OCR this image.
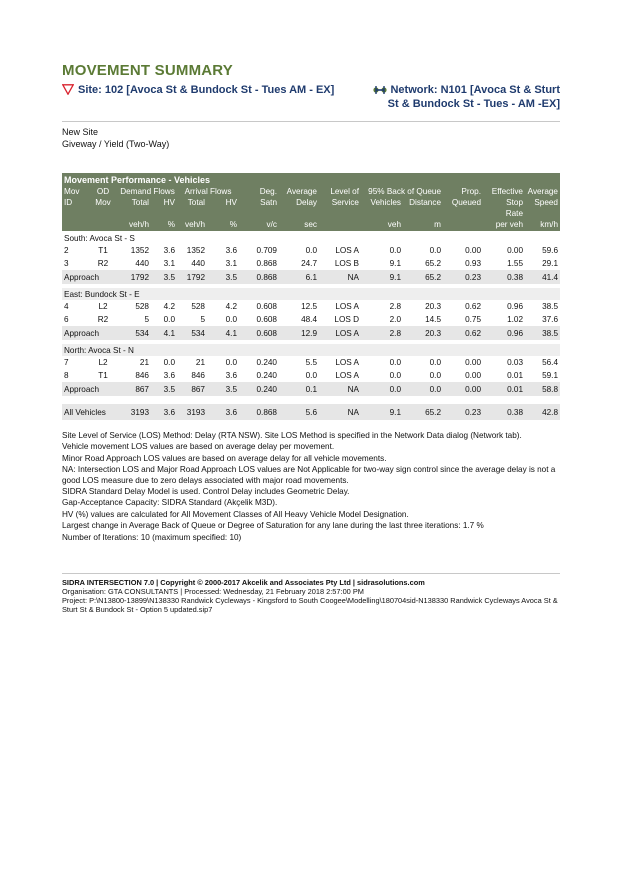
MOVEMENT SUMMARY
Site: 102 [Avoca St & Bundock St - Tues AM - EX]	Network: N101 [Avoca St & Sturt St & Bundock St - Tues - AM -EX]
New Site
Giveway / Yield (Two-Way)
Movement Performance - Vehicles													
Mov	OD	Demand Flows		Arrival Flows		Deg.	Average	Level of	95% Back of Queue		Prop.	Effective	Average
ID	Mov	Total	HV	Total	HV	Satn	Delay	Service	Vehicles	Distance	Queued	Stop	Speed
												Rate	
		veh/h	%	veh/h	%	v/c	sec		veh	m		per veh	km/h
South: Avoca St - S													
2	T1	1352	3.6	1352	3.6	0.709	0.0	LOS A	0.0	0.0	0.00	0.00	59.6
3	R2	440	3.1	440	3.1	0.868	24.7	LOS B	9.1	65.2	0.93	1.55	29.1
Approach		1792	3.5	1792	3.5	0.868	6.1	NA	9.1	65.2	0.23	0.38	41.4

East: Bundock St - E													
4	L2	528	4.2	528	4.2	0.608	12.5	LOS A	2.8	20.3	0.62	0.96	38.5
6	R2	5	0.0	5	0.0	0.608	48.4	LOS D	2.0	14.5	0.75	1.02	37.6
Approach		534	4.1	534	4.1	0.608	12.9	LOS A	2.8	20.3	0.62	0.96	38.5

North: Avoca St - N													
7	L2	21	0.0	21	0.0	0.240	5.5	LOS A	0.0	0.0	0.00	0.03	56.4
8	T1	846	3.6	846	3.6	0.240	0.0	LOS A	0.0	0.0	0.00	0.01	59.1
Approach		867	3.5	867	3.5	0.240	0.1	NA	0.0	0.0	0.00	0.01	58.8

All Vehicles		3193	3.6	3193	3.6	0.868	5.6	NA	9.1	65.2	0.23	0.38	42.8

Site Level of Service (LOS) Method: Delay (RTA NSW). Site LOS Method is specified in the Network Data dialog (Network tab).

Vehicle movement LOS values are based on average delay per movement.

Minor Road Approach LOS values are based on average delay for all vehicle movements.

NA: Intersection LOS and Major Road Approach LOS values are Not Applicable for two-way sign control since the average delay is not a good LOS measure due to zero delays associated with major road movements.

SIDRA Standard Delay Model is used. Control Delay includes Geometric Delay.

Gap-Acceptance Capacity: SIDRA Standard (Akçelik M3D).

HV (%) values are calculated for All Movement Classes of All Heavy Vehicle Model Designation.

Largest change in Average Back of Queue or Degree of Saturation for any lane during the last three iterations: 1.7 %

Number of Iterations: 10 (maximum specified: 10)

SIDRA INTERSECTION 7.0 | Copyright © 2000-2017 Akcelik and Associates Pty Ltd | sidrasolutions.com
Organisation: GTA CONSULTANTS | Processed: Wednesday, 21 February 2018 2:57:00 PM
Project: P:\N13800-13899\N138330 Randwick Cycleways - Kingsford to South Coogee\Modelling\180704sid-N138330 Randwick Cycleways Avoca St & Sturt St & Bundock St - Option 5 updated.sip7
